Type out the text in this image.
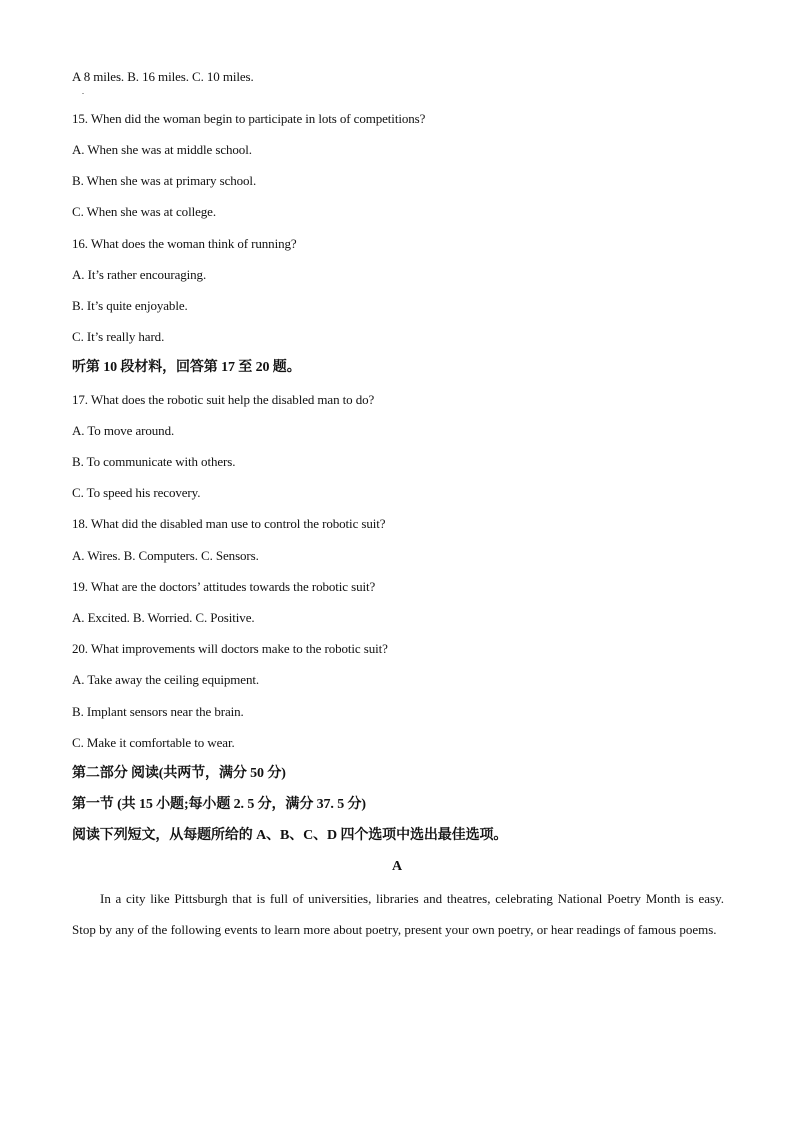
A 8 miles. B. 16 miles. C. 10 miles.
.
15. When did the woman begin to participate in lots of competitions?
A. When she was at middle school.
B. When she was at primary school.
C. When she was at college.
16. What does the woman think of running?
A. It’s rather encouraging.
B. It’s quite enjoyable.
C. It’s really hard.
听第 10 段材料，回答第 17 至 20 题。
17. What does the robotic suit help the disabled man to do?
A. To move around.
B. To communicate with others.
C. To speed his recovery.
18. What did the disabled man use to control the robotic suit?
A. Wires. B. Computers. C. Sensors.
19. What are the doctors’ attitudes towards the robotic suit?
A. Excited. B. Worried. C. Positive.
20. What improvements will doctors make to the robotic suit?
A. Take away the ceiling equipment.
B. Implant sensors near the brain.
C. Make it comfortable to wear.
第二部分 阅读(共两节，满分 50 分)
第一节 (共 15 小题;每小题 2. 5 分，满分 37. 5 分)
阅读下列短文，从每题所给的 A、B、C、D 四个选项中选出最佳选项。
A
In a city like Pittsburgh that is full of universities, libraries and theatres, celebrating National Poetry Month is easy. Stop by any of the following events to learn more about poetry, present your own poetry, or hear readings of famous poems.
